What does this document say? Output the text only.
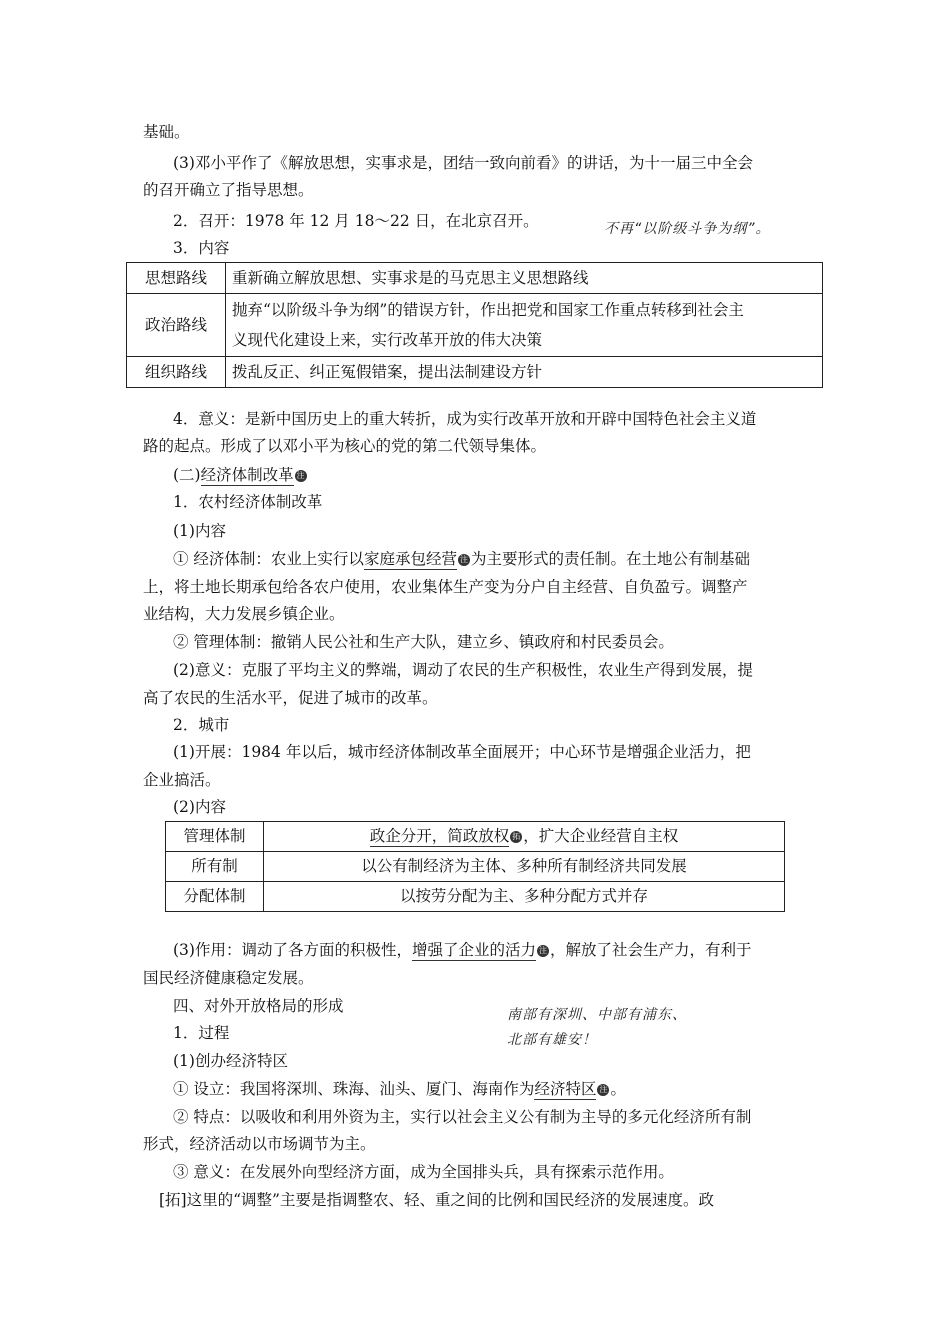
基础。
(3)邓小平作了《解放思想，实事求是，团结一致向前看》的讲话，为十一届三中全会
的召开确立了指导思想。
2．召开：1978 年 12 月 18～22 日，在北京召开。	不再“以阶级斗争为纲”。
3．内容
思想路线	重新确立解放思想、实事求是的马克思主义思想路线
政治路线	抛弃“以阶级斗争为纲”的错误方针，作出把党和国家工作重点转移到社会主
义现代化建设上来，实行改革开放的伟大决策

组织路线	拨乱反正、纠正冤假错案，提出法制建设方针
4．意义：是新中国历史上的重大转折，成为实行改革开放和开辟中国特色社会主义道
路的起点。形成了以邓小平为核心的党的第二代领导集体。
(二)经济体制改革 注
1．农村经济体制改革
(1)内容
① 经济体制：农业上实行以家庭承包经营 注 为主要形式的责任制。在土地公有制基础
上，将土地长期承包给各农户使用，农业集体生产变为分户自主经营、自负盈亏。调整产
业结构，大力发展乡镇企业。
② 管理体制：撤销人民公社和生产大队，建立乡、镇政府和村民委员会。
(2)意义：克服了平均主义的弊端，调动了农民的生产积极性，农业生产得到发展，提
高了农民的生活水平，促进了城市的改革。
2．城市
(1)开展：1984 年以后，城市经济体制改革全面展开；中心环节是增强企业活力，把
企业搞活。
(2)内容
管理体制	政企分开，简政放权 拓 ，扩大企业经营自主权
所有制	以公有制经济为主体、多种所有制经济共同发展
分配体制	以按劳分配为主、多种分配方式并存
(3)作用：调动了各方面的积极性，增强了企业的活力 注 ，解放了社会生产力，有利于
国民经济健康稳定发展。
四、对外开放格局的形成	南部有深圳、中部有浦东、
1．过程	北部有雄安！
(1)创办经济特区
① 设立：我国将深圳、珠海、汕头、厦门、海南作为经济特区 注 。
② 特点：以吸收和利用外资为主，实行以社会主义公有制为主导的多元化经济所有制
形式，经济活动以市场调节为主。
③ 意义：在发展外向型经济方面，成为全国排头兵，具有探索示范作用。
[拓]这里的“调整”主要是指调整农、轻、重之间的比例和国民经济的发展速度。政
